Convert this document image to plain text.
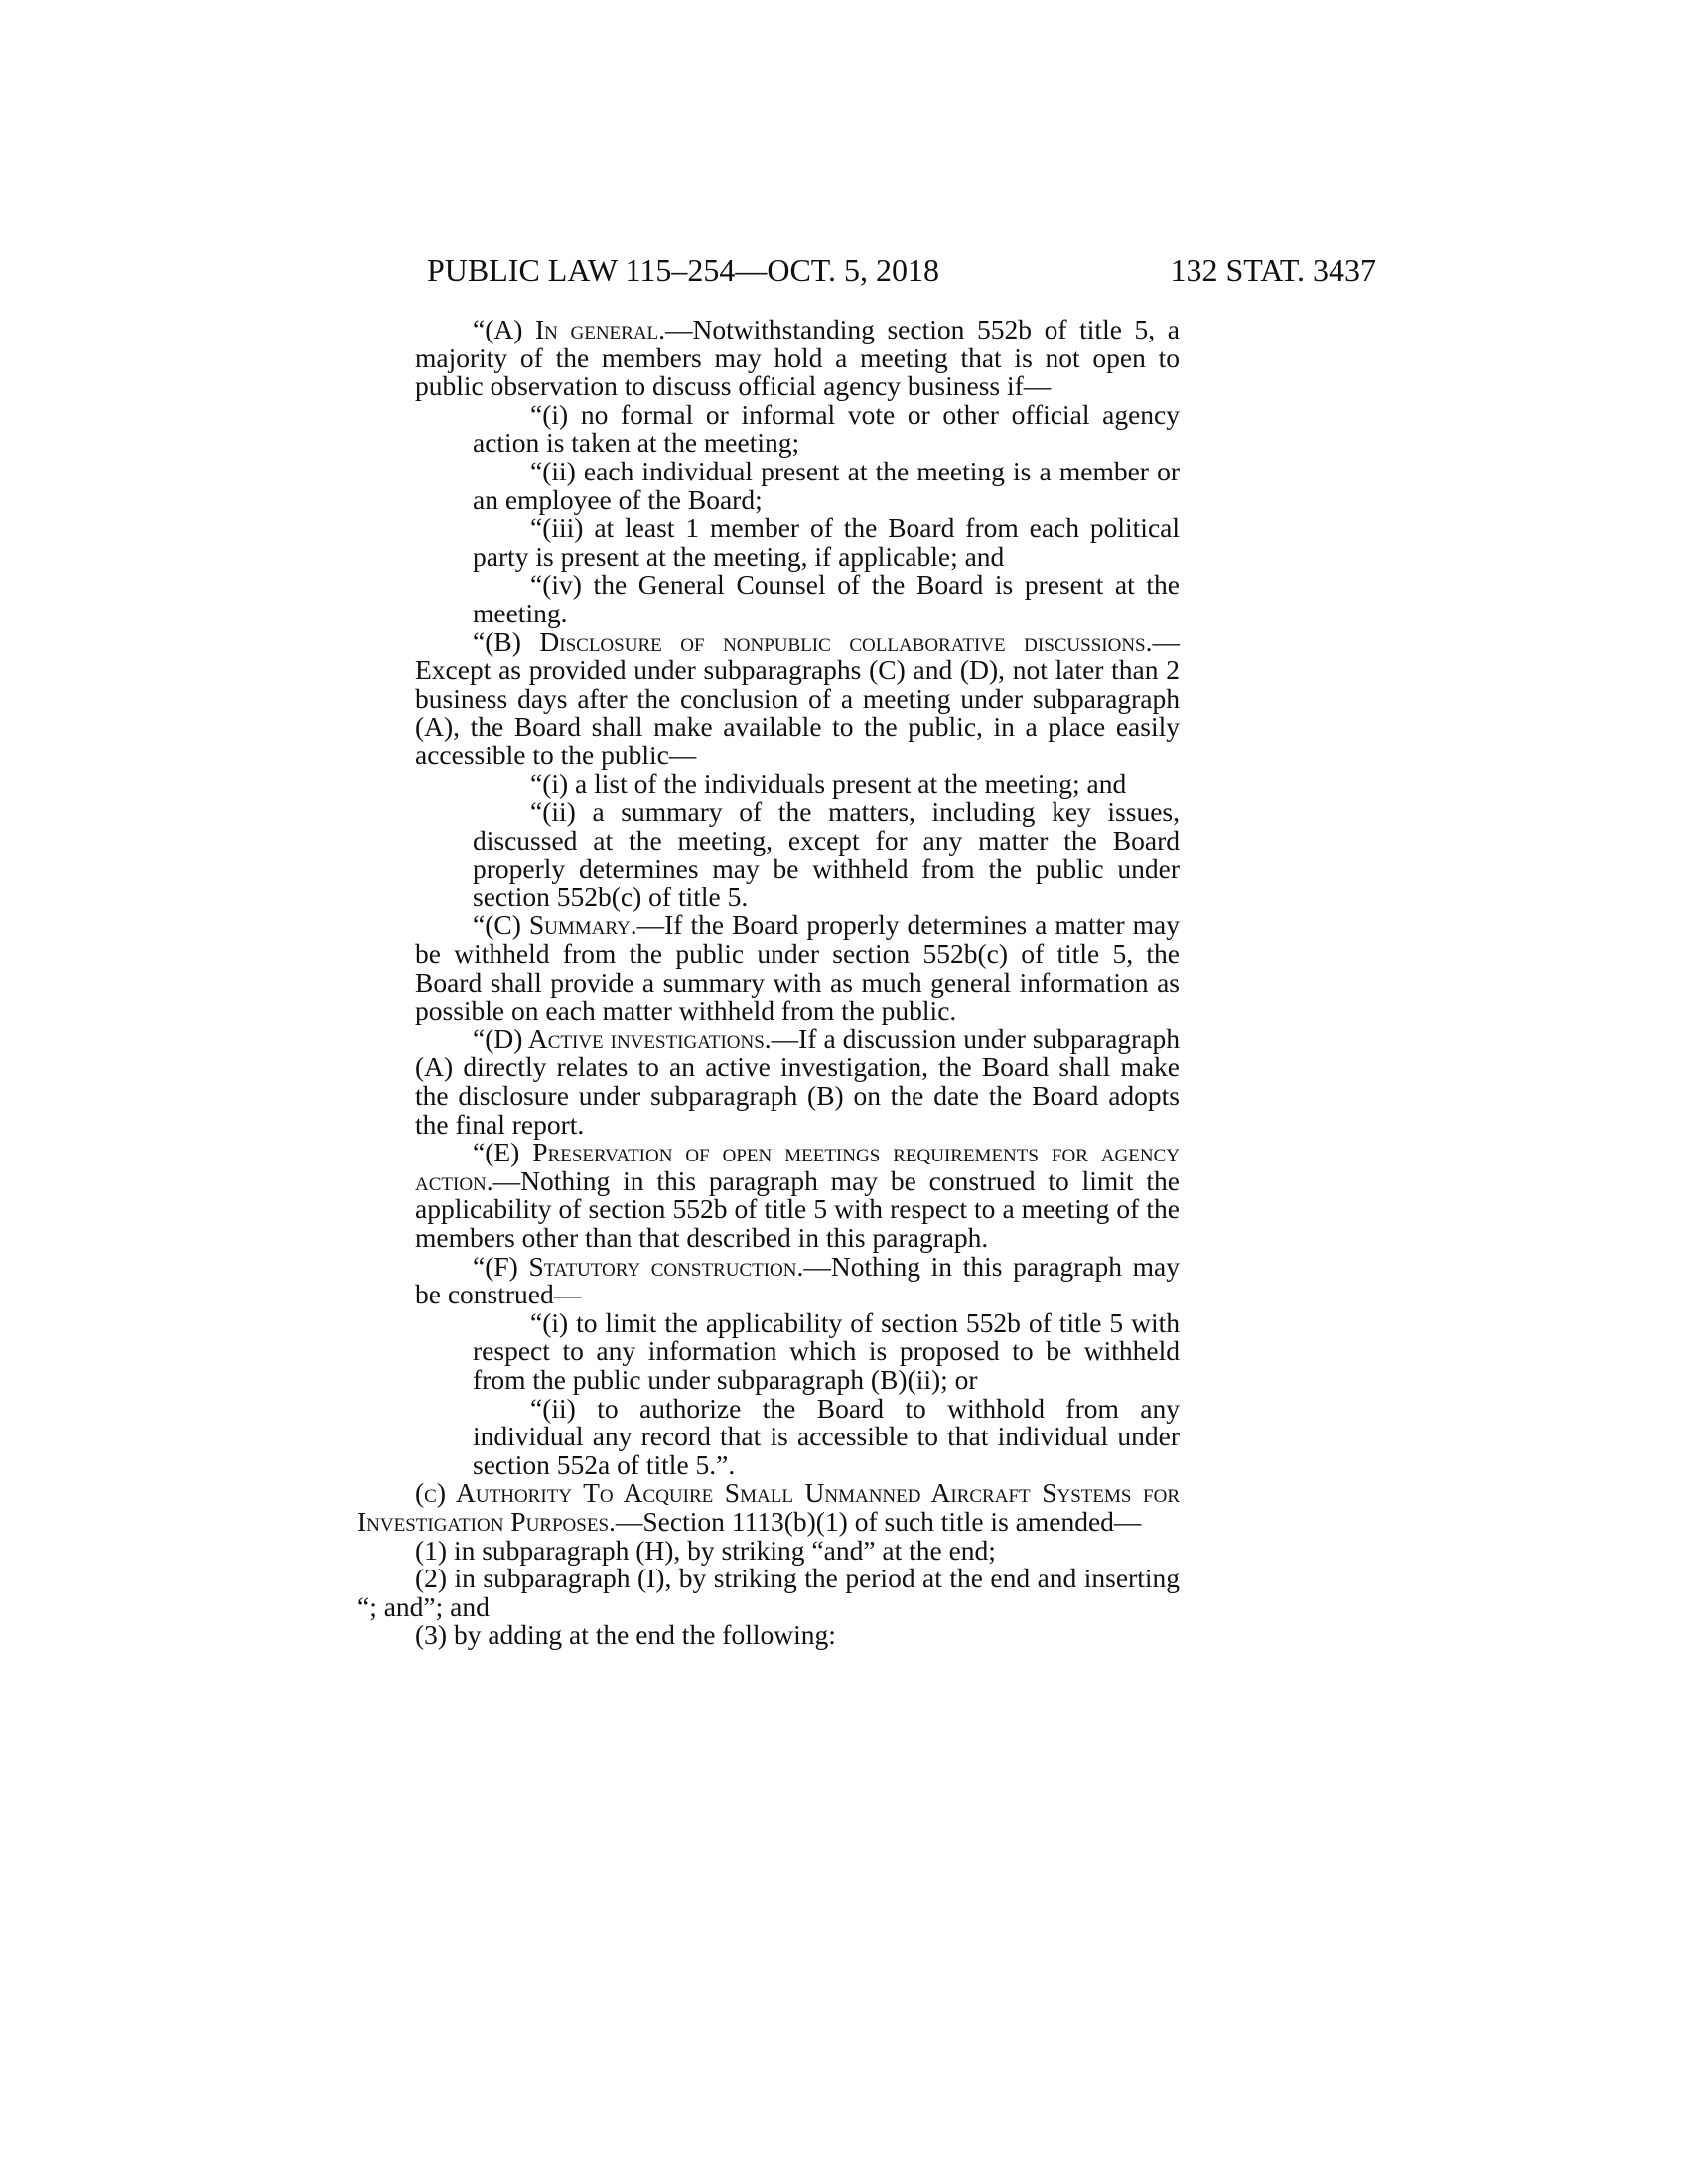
PUBLIC LAW 115–254—OCT. 5, 2018	132 STAT. 3437

“(A) In general.—Notwithstanding section 552b of title 5, a majority of the members may hold a meeting that is not open to public observation to discuss official agency business if—

“(i) no formal or informal vote or other official agency action is taken at the meeting;

“(ii) each individual present at the meeting is a member or an employee of the Board;

“(iii) at least 1 member of the Board from each political party is present at the meeting, if applicable; and

“(iv) the General Counsel of the Board is present at the meeting.

“(B) Disclosure of nonpublic collaborative discussions.—Except as provided under subparagraphs (C) and (D), not later than 2 business days after the conclusion of a meeting under subparagraph (A), the Board shall make available to the public, in a place easily accessible to the public—

“(i) a list of the individuals present at the meeting; and

“(ii) a summary of the matters, including key issues, discussed at the meeting, except for any matter the Board properly determines may be withheld from the public under section 552b(c) of title 5.

“(C) Summary.—If the Board properly determines a matter may be withheld from the public under section 552b(c) of title 5, the Board shall provide a summary with as much general information as possible on each matter withheld from the public.

“(D) Active investigations.—If a discussion under subparagraph (A) directly relates to an active investigation, the Board shall make the disclosure under subparagraph (B) on the date the Board adopts the final report.

“(E) Preservation of open meetings requirements for agency action.—Nothing in this paragraph may be construed to limit the applicability of section 552b of title 5 with respect to a meeting of the members other than that described in this paragraph.

“(F) Statutory construction.—Nothing in this paragraph may be construed—

“(i) to limit the applicability of section 552b of title 5 with respect to any information which is proposed to be withheld from the public under subparagraph (B)(ii); or

“(ii) to authorize the Board to withhold from any individual any record that is accessible to that individual under section 552a of title 5.”.

(c) Authority To Acquire Small Unmanned Aircraft Systems for Investigation Purposes.—Section 1113(b)(1) of such title is amended—

(1) in subparagraph (H), by striking “and” at the end;

(2) in subparagraph (I), by striking the period at the end and inserting “; and”; and

(3) by adding at the end the following:
